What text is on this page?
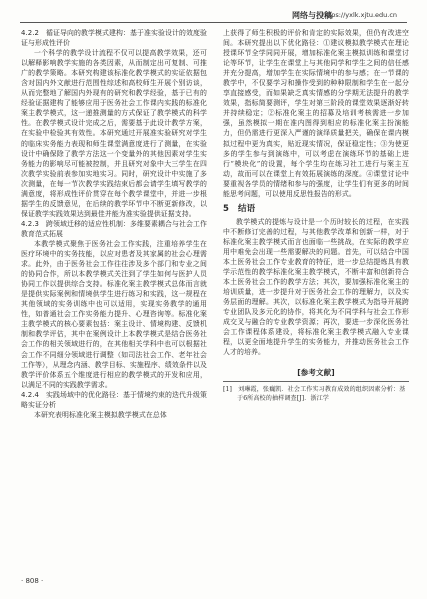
网络与投稿
https://yxlk.xjtu.edu.cn

4.2.2　循证导向的教学模式建构：基于准实验设计的效度验证与形成性评价

一个科学的教学设计流程不仅可以提高教学效果，还可以解释影响教学实施的各类因素，从而制定出可复制、可推广的教学策略。本研究构建该标准化教学模式的实证依据包含对国内外文献进行范围性综述和高校师生开展个别访谈，从而完整地了解国内外现有的研究和教学经验，基于已有的经验证据建构了能够应用于医务社会工作课内实践的标准化案主教学模式，这一递推测量的方式保证了教学模式的科学性。在教学模式设计完成之后，需要基于此设计教学方案，在实验中检验其有效性。本研究通过开展准实验研究对学生的临床实务能力表现和师生课堂满意度进行了测量，在实验设计中确保除了教学方法这一个变量外的其他因素对学生实务能力的影响尽可能被控制，并且研究对象中大三学生在四次教学实验前表参加实地实习。同时，研究设计中实施了多次测量，在每一节次教学实践结束后都会请学生填写教学的满意度，将形成性评价贯穿在每个教学课堂中，并进一步根据学生的反馈意见，在后续的教学环节中不断更新修改，以保证教学实践效果达到最佳并能为准实验提供证据支持。

4.2.3　跨领域迁移的适应性机制：多维要素耦合与社会工作教育范式拓展

本教学模式聚焦于医务社会工作实践，注重培养学生在医疗环境中的实务技能，以应对患者及其家属的社会心理需求。此外，由于医务社会工作往往涉及多个部门和专业之间的协同合作，所以本教学模式关注到了学生如何与医护人员协同工作以提供综合支持。标准化案主教学模式总体而言就是提供实际案例和情境供学生进行练习和实践，这一规程在其他领域的实务训练中也可以适用，实现实务教学的通用性，如普通社会工作实务能力提升、心理咨询等。标准化案主教学模式的核心要素包括：案主设计、情境构建、反馈机制和教学评估，其中在案例设计上本教学模式是结合医务社会工作的相关领域进行的，在其他相关学科中也可以根据社会工作不同细分领域进行调整（如司法社会工作、老年社会工作等），从理念内涵、教学目标、实施程序、绩效条件以及教学评价体系五个维度进行相应的教学模式的开发和应用，以满足不同的实践教学需求。

4.2.4　实践场域中的优化路径：基于情境约束的迭代升级策略实证分析

本研究表明标准化案主模拟教学模式在总体

上获得了师生积极的评价和肯定的实际效果，但仍有改进空间。本研究提出以下优化路径：①建议模拟教学模式在理论授课环节全学同同开展，增加标准化案主模拟训练和课堂讨论等环节，让学生在课堂上与其他同学和学生之间的信任感并充分提高，增加学生在实际情境中的参与感；在一节课的教学中，不仅要学习和操作受到的种种限制和学生在一起分享直接感受，而如果缺乏真实情感的分学期无法提升的教学效果，指标简要测评，学生对第三阶段的课堂效果逐渐好转并持续稳定；②标准化案主的招募及培训考核需进一步加强，虽然模拟一期在准内图得到相应的标准化案主扮演能力，但仍需进行更深入严谨的演绎质量把关，确保在课内模拟过程中更为真实，贴近现实情况，保证稳定性；③为使更多的学生参与到演练中，可以考虑在演练环节的基础上进行“模块化”的设置，每个学生均在练习社工进行与案主互动，故而可以在课堂上有效拓展演练的深度。④课堂讨论中要重视各学员的情绪和参与的强度，让学生们有更多的时间能思考问题，可以使用反思性报告的形式。

5 结语

教学模式的提炼与设计是一个历时较长的过程，在实践中不断修订完善的过程，与其他教学改革和创新一样，对于标准化案主教学模式而言也面临一些挑战，在实际的教学应用中难免会出现一些需要解决的问题。首先，可以结合中国本土医务社会工作专业教育的特征，进一步总结提炼具有教学示范性的教学标准化案主教学模式，不断丰富和创新符合本土医务社会工作的教学方法；其次，要加强标准化案主的培训质量，进一步提升对于医务社会工作的理解力，以及实务层面的理解。其次，以标准化案主教学模式为指导开展跨专业团队及多元化的协作，将其化为不同学科与社会工作形成交叉与融合的专业教学资源；再次，要进一步深化医务社会工作课程体系建设，将标准化案主教学模式融入专业课程，以更全面地提升学生的实务能力，并推动医务社会工作人才的培养。

[参考文献]

[1]　刘琳霞，张巍凯．社会工作实习教育成效的组织因素分析：基于6所高校的抽样调查[J]．浙江学

· 808 ·
